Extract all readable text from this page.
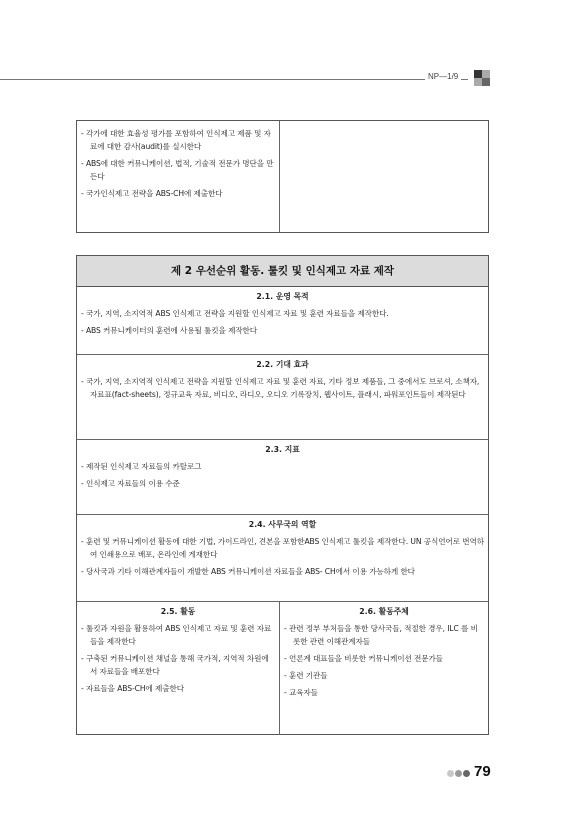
NP—1/9
- 각가에 대한 효율성 평가를 포함하여 인식제고 제품 및 자료에 대한 감사(audit)를 실시한다
- ABS에 대한 커뮤니케이션, 법적, 기술적 전문가 명단을 만든다
- 국가인식제고 전략을 ABS-CH에 제출한다
제 2 우선순위 활동. 툴킷 및 인식제고 자료 제작
2.1. 운영 목적
- 국가, 지역, 소지역적 ABS 인식제고 전략을 지원할 인식제고 자료 및 훈련 자료들을 제작한다.
- ABS 커뮤니케이터의 훈련에 사용될 툴킷을 제작한다
2.2. 기대 효과
- 국가, 지역, 소지역적 인식제고 전략을 지원할 인식제고 자료 및 훈련 자료, 기타 정보 제품들, 그 중에서도 브로셔, 소책자, 자료표(fact-sheets), 정규교육 자료, 비디오, 라디오, 오디오 기록장치, 웹사이트, 플래시, 파워포인트들이 제작된다
2.3. 지표
- 제작된 인식제고 자료들의 카탈로그
- 인식제고 자료들의 이용 수준
2.4. 사무국의 역할
- 훈련 및 커뮤니케이션 활동에 대한 기법, 가이드라인, 견본을 포함한ABS 인식제고 툴킷을 제작한다. UN 공식언어로 번역하여 인쇄용으로 배포, 온라인에 게재한다
- 당사국과 기타 이해관계자들이 개발한 ABS 커뮤니케이션 자료들을 ABS- CH에서 이용 가능하게 한다
2.5. 활동
- 툴킷과 자원을 활용하여 ABS 인식제고 자료 및 훈련 자료들을 제작한다
- 구축된 커뮤니케이션 채널을 통해 국가적, 지역적 차원에서 자료들을 배포한다
- 자료들을 ABS-CH에 제출한다
2.6. 활동주체
- 관련 정부 부처들을 통한 당사국들, 적절한 경우, ILC 를 비롯한 관련 이해관계자들
- 언론계 대표들을 비롯한 커뮤니케이션 전문가들
- 훈련 기관들
- 교육자들
79
